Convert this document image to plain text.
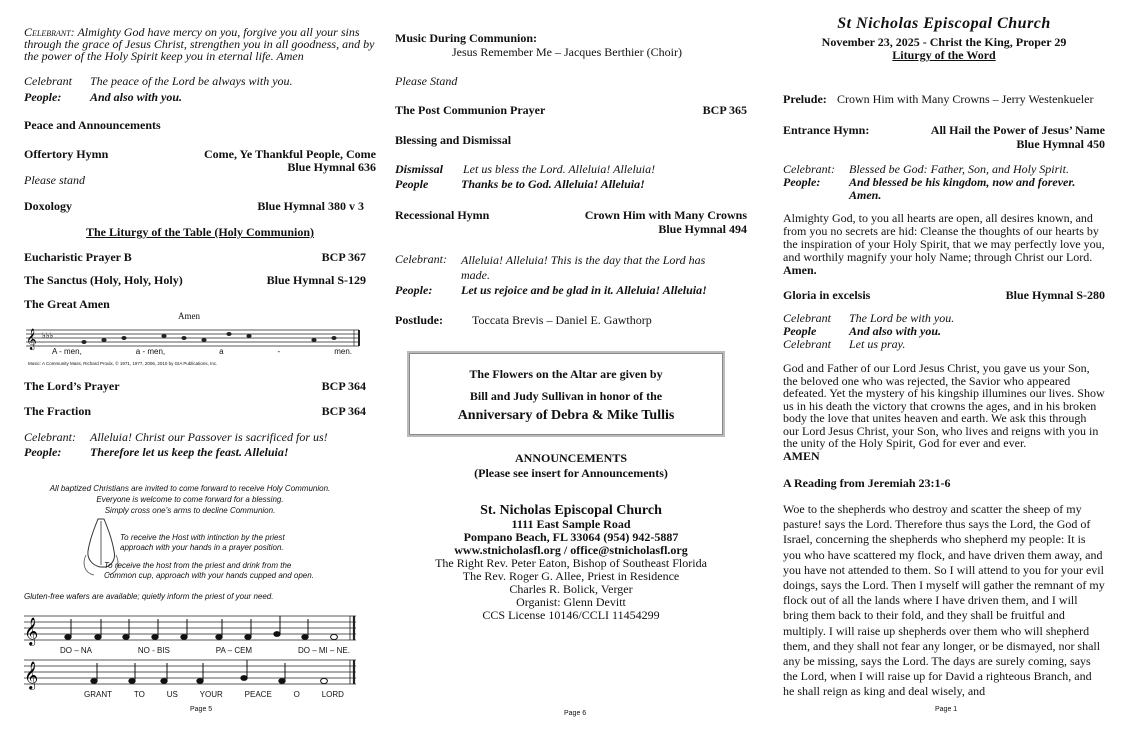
Celebrant: Almighty God have mercy on you, forgive you all your sins through the grace of Jesus Christ, strengthen you in all goodness, and by the power of the Holy Spirit keep you in eternal life. Amen
Celebrant	The peace of the Lord be always with you.
People:	And also with you.
Peace and Announcements
Offertory Hymn	Come, Ye Thankful People, Come
Blue Hymnal 636
Please stand
Doxology	Blue Hymnal 380 v 3
The Liturgy of the Table (Holy Communion)
Eucharistic Prayer B	BCP 367
The Sanctus (Holy, Holy, Holy)	Blue Hymnal S-129
The Great Amen
Amen
𝄞 ♭♭♭
A - men,	a - men,	a	-	men.
Music: A Community Mass, Richard Proulx, © 1971, 1977, 2006, 2010 by GIA Publications, Inc.
The Lord’s Prayer	BCP 364
The Fraction	BCP 364
Celebrant:	Alleluia! Christ our Passover is sacrificed for us!
People:	Therefore let us keep the feast. Alleluia!
All baptized Christians are invited to come forward to receive Holy Communion.
Everyone is welcome to come forward for a blessing.
Simply cross one’s arms to decline Communion.
To receive the Host with intinction by the priest
approach with your hands in a prayer position.
To receive the host from the priest and drink from the
Common cup, approach with your hands cupped and open.
Gluten-free wafers are available; quietly inform the priest of your need.
𝄞
DO – NA	NO - BIS	PA – CEM	DO – MI – NE.
𝄞
GRANT	TO	US	YOUR	PEACE	O	LORD
Page 5
Music During Communion:
Jesus Remember Me – Jacques Berthier (Choir)
Please Stand
The Post Communion Prayer	BCP 365
Blessing and Dismissal
Dismissal	Let us bless the Lord. Alleluia! Alleluia!
People	Thanks be to God. Alleluia! Alleluia!
Recessional Hymn	Crown Him with Many Crowns
Blue Hymnal 494
Celebrant:	Alleluia! Alleluia! This is the day that the Lord has made.
People:	Let us rejoice and be glad in it. Alleluia! Alleluia!
Postlude:	Toccata Brevis – Daniel E. Gawthorp
The Flowers on the Altar are given by
Bill and Judy Sullivan in honor of the
Anniversary of Debra & Mike Tullis
ANNOUNCEMENTS
(Please see insert for Announcements)
St. Nicholas Episcopal Church
1111 East Sample Road
Pompano Beach, FL 33064 (954) 942-5887
www.stnicholasfl.org / office@stnicholasfl.org
The Right Rev. Peter Eaton, Bishop of Southeast Florida
The Rev. Roger G. Allee, Priest in Residence
Charles R. Bolick, Verger
Organist: Glenn Devitt
CCS License 10146/CCLI 11454299
Page 6
St Nicholas Episcopal Church
November 23, 2025 - Christ the King, Proper 29
Liturgy of the Word
Prelude: Crown Him with Many Crowns – Jerry Westenkueler
Entrance Hymn:	All Hail the Power of Jesus’ Name
Blue Hymnal 450
Celebrant:	Blessed be God: Father, Son, and Holy Spirit.
People:	And blessed be his kingdom, now and forever. Amen.
Almighty God, to you all hearts are open, all desires known, and from you no secrets are hid: Cleanse the thoughts of our hearts by the inspiration of your Holy Spirit, that we may perfectly love you, and worthily magnify your holy Name; through Christ our Lord. Amen.
Gloria in excelsis	Blue Hymnal S-280
Celebrant	The Lord be with you.
People	And also with you.
Celebrant	Let us pray.
God and Father of our Lord Jesus Christ, you gave us your Son, the beloved one who was rejected, the Savior who appeared defeated. Yet the mystery of his kingship illumines our lives. Show us in his death the victory that crowns the ages, and in his broken body the love that unites heaven and earth. We ask this through our Lord Jesus Christ, your Son, who lives and reigns with you in the unity of the Holy Spirit, God for ever and ever.
AMEN
A Reading from Jeremiah 23:1-6
Woe to the shepherds who destroy and scatter the sheep of my pasture! says the Lord. Therefore thus says the Lord, the God of Israel, concerning the shepherds who shepherd my people: It is you who have scattered my flock, and have driven them away, and you have not attended to them. So I will attend to you for your evil doings, says the Lord. Then I myself will gather the remnant of my flock out of all the lands where I have driven them, and I will bring them back to their fold, and they shall be fruitful and multiply. I will raise up shepherds over them who will shepherd them, and they shall not fear any longer, or be dismayed, nor shall any be missing, says the Lord. The days are surely coming, says the Lord, when I will raise up for David a righteous Branch, and he shall reign as king and deal wisely, and
Page 1
